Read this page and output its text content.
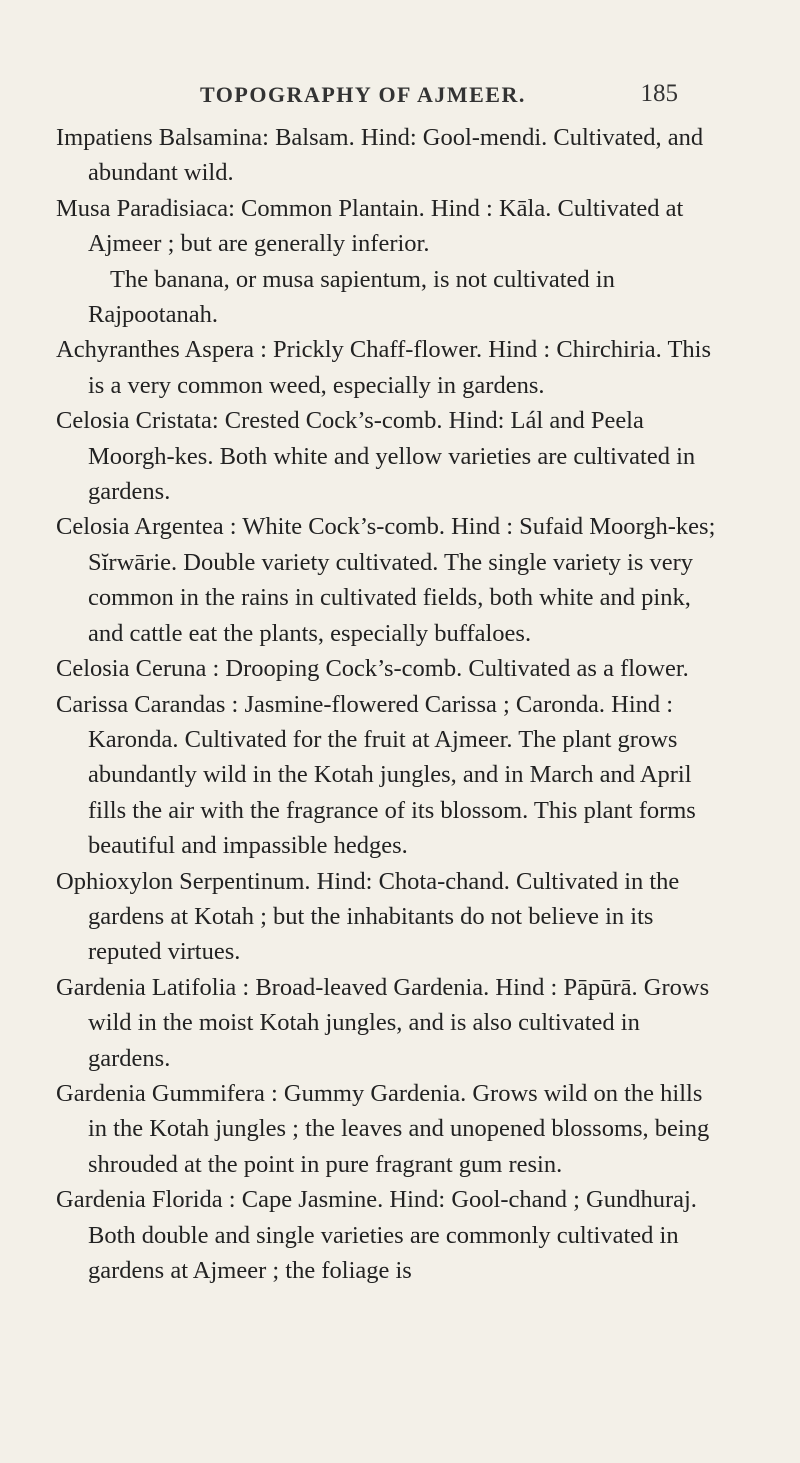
TOPOGRAPHY OF AJMEER.	185

Impatiens Balsamina: Balsam. Hind: Gool-mendi. Cultivated, and abundant wild.

Musa Paradisiaca: Common Plantain. Hind : Kāla. Cultivated at Ajmeer ; but are generally inferior.

The banana, or musa sapientum, is not cultivated in Rajpootanah.

Achyranthes Aspera : Prickly Chaff-flower. Hind : Chirchiria. This is a very common weed, especially in gardens.

Celosia Cristata: Crested Cock’s-comb. Hind: Lál and Peela Moorgh-kes. Both white and yellow varieties are cultivated in gardens.

Celosia Argentea : White Cock’s-comb. Hind : Sufaid Moorgh-kes; Sĭrwārie. Double variety cultivated. The single variety is very common in the rains in cultivated fields, both white and pink, and cattle eat the plants, especially buffaloes.

Celosia Ceruna : Drooping Cock’s-comb. Cultivated as a flower.

Carissa Carandas : Jasmine-flowered Carissa ; Caronda. Hind : Karonda. Cultivated for the fruit at Ajmeer. The plant grows abundantly wild in the Kotah jungles, and in March and April fills the air with the fragrance of its blossom. This plant forms beautiful and impassible hedges.

Ophioxylon Serpentinum. Hind: Chota-chand. Cultivated in the gardens at Kotah ; but the inhabitants do not believe in its reputed virtues.

Gardenia Latifolia : Broad-leaved Gardenia. Hind : Pāpūrā. Grows wild in the moist Kotah jungles, and is also cultivated in gardens.

Gardenia Gummifera : Gummy Gardenia. Grows wild on the hills in the Kotah jungles ; the leaves and unopened blossoms, being shrouded at the point in pure fragrant gum resin.

Gardenia Florida : Cape Jasmine. Hind: Gool-chand ; Gundhuraj. Both double and single varieties are commonly cultivated in gardens at Ajmeer ; the foliage is
